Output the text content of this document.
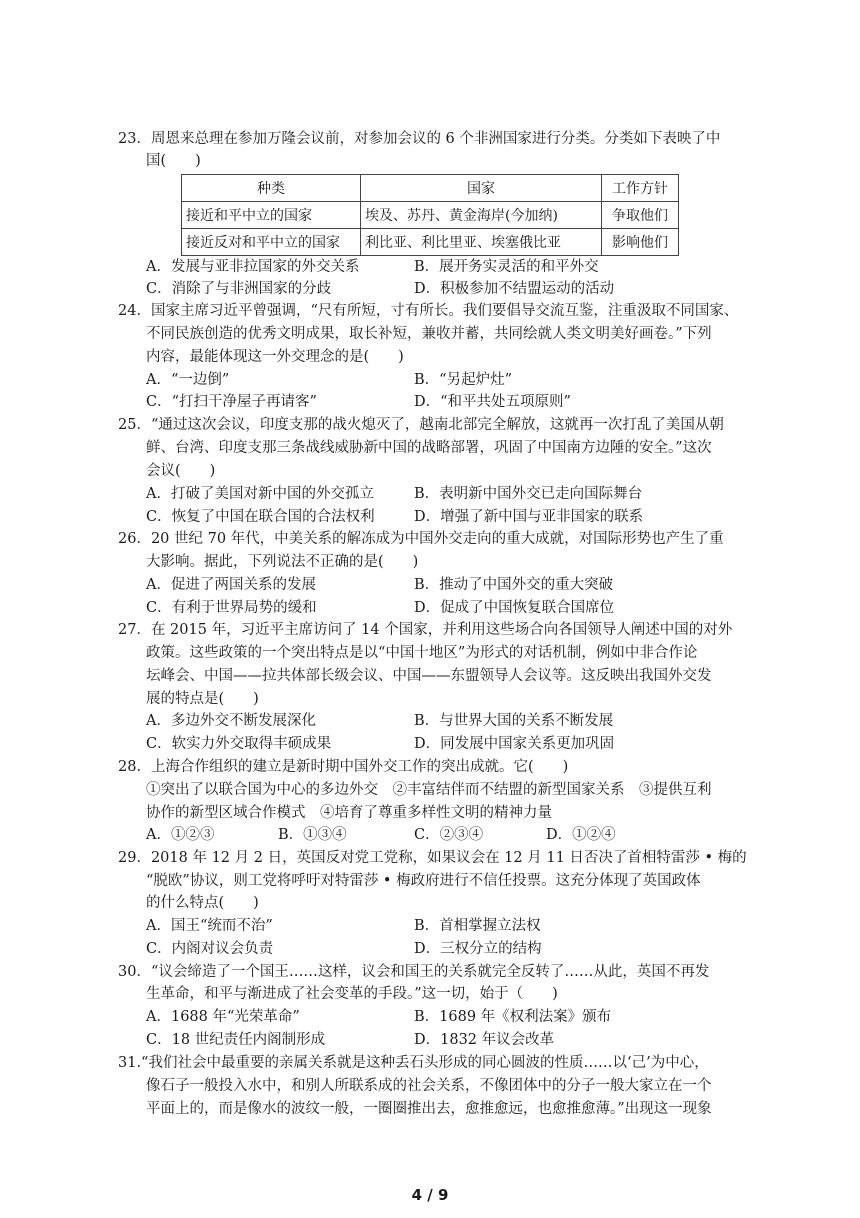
23．周恩来总理在参加万隆会议前，对参加会议的 6 个非洲国家进行分类。分类如下表映了中
国(　　)
种类	国家	工作方针
接近和平中立的国家	埃及、苏丹、黄金海岸(今加纳)	争取他们
接近反对和平中立的国家	利比亚、利比里亚、埃塞俄比亚	影响他们
A．发展与亚非拉国家的外交关系	B．展开务实灵活的和平外交
C．消除了与非洲国家的分歧	D．积极参加不结盟运动的活动
24．国家主席习近平曾强调，“尺有所短，寸有所长。我们要倡导交流互鉴，注重汲取不同国家、
不同民族创造的优秀文明成果，取长补短，兼收并蓄，共同绘就人类文明美好画卷。”下列
内容，最能体现这一外交理念的是(　　)
A．“一边倒”	B．“另起炉灶”
C．“打扫干净屋子再请客”	D．“和平共处五项原则”
25．“通过这次会议，印度支那的战火熄灭了，越南北部完全解放，这就再一次打乱了美国从朝
鲜、台湾、印度支那三条战线威胁新中国的战略部署，巩固了中国南方边陲的安全。”这次
会议(　　)
A．打破了美国对新中国的外交孤立	B．表明新中国外交已走向国际舞台
C．恢复了中国在联合国的合法权利	D．增强了新中国与亚非国家的联系
26．20 世纪 70 年代，中美关系的解冻成为中国外交走向的重大成就，对国际形势也产生了重
大影响。据此，下列说法不正确的是(　　)
A．促进了两国关系的发展	B．推动了中国外交的重大突破
C．有利于世界局势的缓和	D．促成了中国恢复联合国席位
27．在 2015 年，习近平主席访问了 14 个国家，并利用这些场合向各国领导人阐述中国的对外
政策。这些政策的一个突出特点是以“中国十地区”为形式的对话机制，例如中非合作论
坛峰会、中国——拉共体部长级会议、中国——东盟领导人会议等。这反映出我国外交发
展的特点是(　　)
A．多边外交不断发展深化	B．与世界大国的关系不断发展
C．软实力外交取得丰硕成果	D．同发展中国家关系更加巩固
28．上海合作组织的建立是新时期中国外交工作的突出成就。它(　　)
①突出了以联合国为中心的多边外交　②丰富结伴而不结盟的新型国家关系　③提供互利
协作的新型区域合作模式　④培育了尊重多样性文明的精神力量
A．①②③	B．①③④	C．②③④	D．①②④
29．2018 年 12 月 2 日，英国反对党工党称，如果议会在 12 月 11 日否决了首相特雷莎 • 梅的
“脱欧”协议，则工党将呼吁对特雷莎 • 梅政府进行不信任投票。这充分体现了英国政体
的什么特点(　　)
A．国王“统而不治”	B．首相掌握立法权
C．内阁对议会负责	D．三权分立的结构
30．“议会缔造了一个国王……这样，议会和国王的关系就完全反转了……从此，英国不再发
生革命，和平与渐进成了社会变革的手段。”这一切，始于（　　)
A．1688 年“光荣革命”	B．1689 年《权利法案》颁布
C．18 世纪责任内阁制形成	D．1832 年议会改革
31.“我们社会中最重要的亲属关系就是这种丢石头形成的同心圆波的性质……以‘己’为中心，
像石子一般投入水中，和别人所联系成的社会关系，不像团体中的分子一般大家立在一个
平面上的，而是像水的波纹一般，一圈圈推出去，愈推愈远，也愈推愈薄。”出现这一现象
4 / 9
